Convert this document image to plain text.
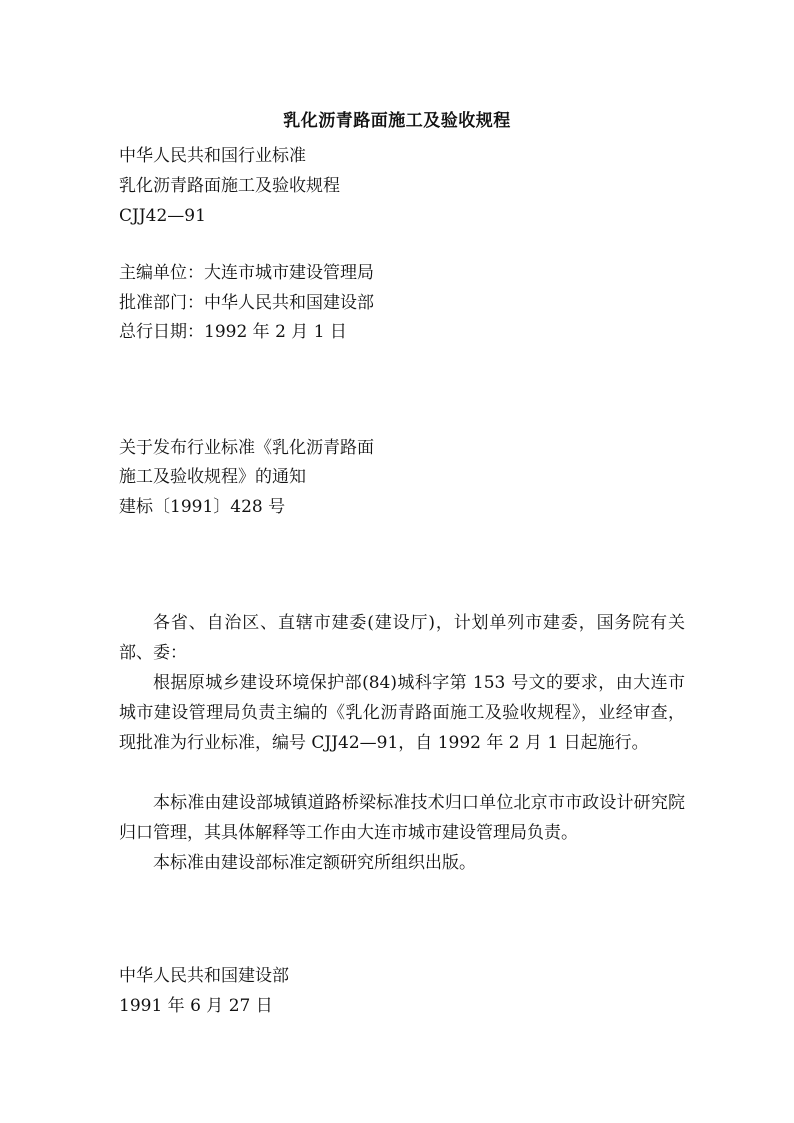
乳化沥青路面施工及验收规程
中华人民共和国行业标准
乳化沥青路面施工及验收规程
CJJ42—91
主编单位：大连市城市建设管理局
批准部门：中华人民共和国建设部
总行日期：1992 年 2 月 1 日
关于发布行业标准《乳化沥青路面
施工及验收规程》的通知
建标〔1991〕428 号
各省、自治区、直辖市建委(建设厅)，计划单列市建委，国务院有关部、委：
根据原城乡建设环境保护部(84)城科字第 153 号文的要求，由大连市城市建设管理局负责主编的《乳化沥青路面施工及验收规程》，业经审查，现批准为行业标准，编号 CJJ42—91，自 1992 年 2 月 1 日起施行。
本标准由建设部城镇道路桥梁标准技术归口单位北京市市政设计研究院归口管理，其具体解释等工作由大连市城市建设管理局负责。
本标准由建设部标准定额研究所组织出版。
中华人民共和国建设部
1991 年 6 月 27 日
